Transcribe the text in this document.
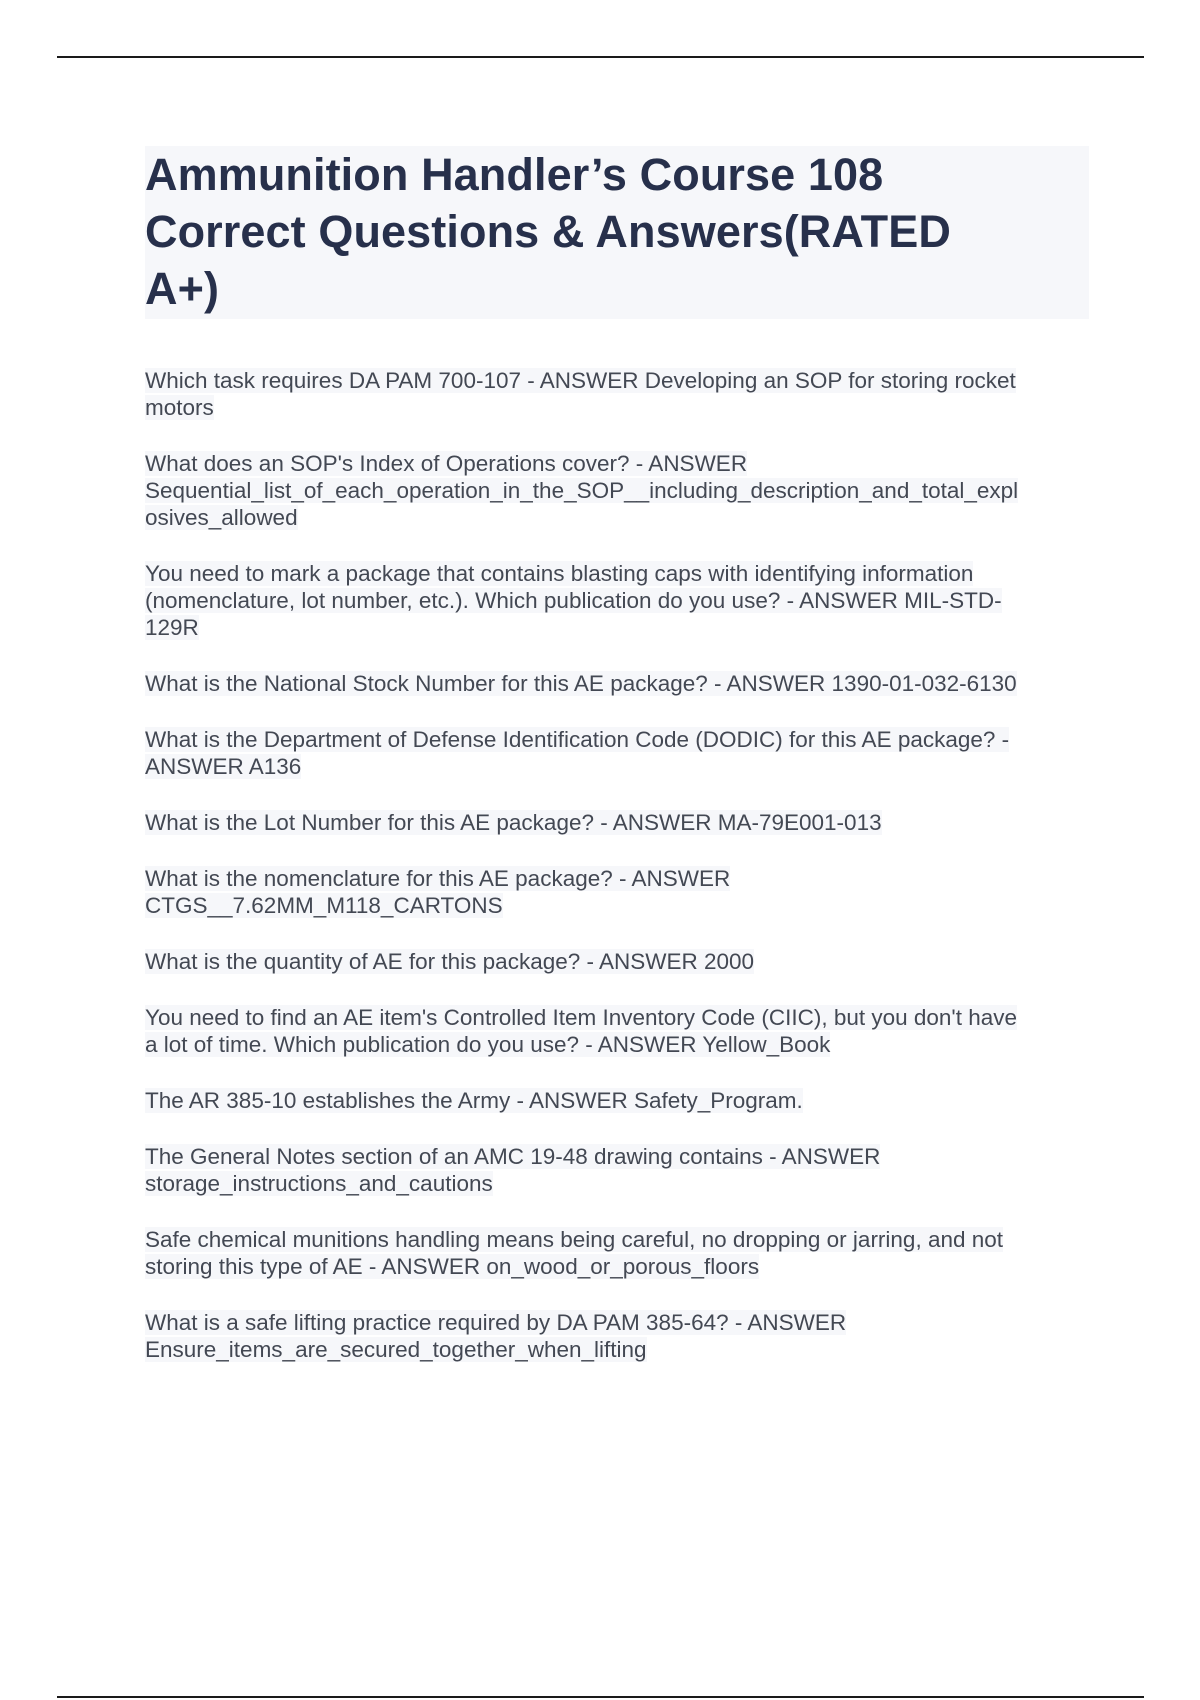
Ammunition Handler’s Course 108
Correct Questions & Answers(RATED
A+)

Which task requires DA PAM 700-107 - ANSWER Developing an SOP for storing rocket
motors

What does an SOP's Index of Operations cover? - ANSWER
Sequential_list_of_each_operation_in_the_SOP__including_description_and_total_expl
osives_allowed

You need to mark a package that contains blasting caps with identifying information
(nomenclature, lot number, etc.). Which publication do you use? - ANSWER MIL-STD-
129R

What is the National Stock Number for this AE package? - ANSWER 1390-01-032-6130

What is the Department of Defense Identification Code (DODIC) for this AE package? -
ANSWER A136

What is the Lot Number for this AE package? - ANSWER MA-79E001-013

What is the nomenclature for this AE package? - ANSWER
CTGS__7.62MM_M118_CARTONS

What is the quantity of AE for this package? - ANSWER 2000

You need to find an AE item's Controlled Item Inventory Code (CIIC), but you don't have
a lot of time. Which publication do you use? - ANSWER Yellow_Book

The AR 385-10 establishes the Army - ANSWER Safety_Program.

The General Notes section of an AMC 19-48 drawing contains - ANSWER
storage_instructions_and_cautions

Safe chemical munitions handling means being careful, no dropping or jarring, and not
storing this type of AE - ANSWER on_wood_or_porous_floors

What is a safe lifting practice required by DA PAM 385-64? - ANSWER
Ensure_items_are_secured_together_when_lifting
